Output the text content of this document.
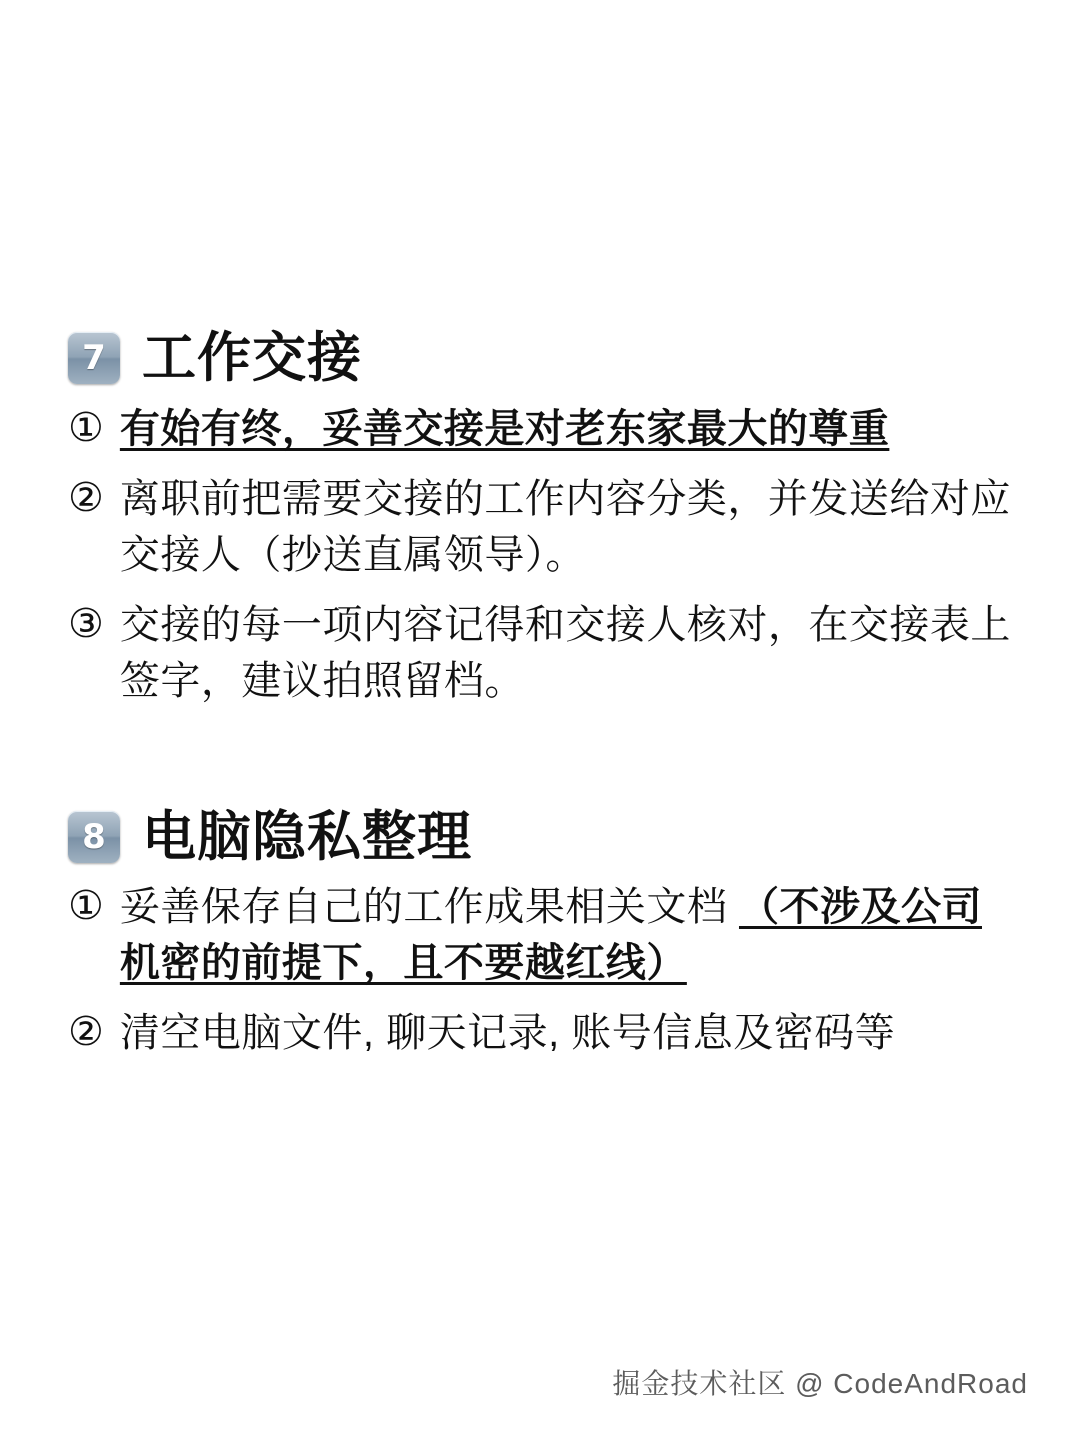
7 工作交接
① 有始有终，妥善交接是对老东家最大的尊重
② 离职前把需要交接的工作内容分类，并发送给对应交接人（抄送直属领导）。
③ 交接的每一项内容记得和交接人核对，在交接表上签字，建议拍照留档。
8 电脑隐私整理
① 妥善保存自己的工作成果相关文档 （不涉及公司机密的前提下，且不要越红线）
② 清空电脑文件, 聊天记录, 账号信息及密码等
掘金技术社区 @ CodeAndRoad
